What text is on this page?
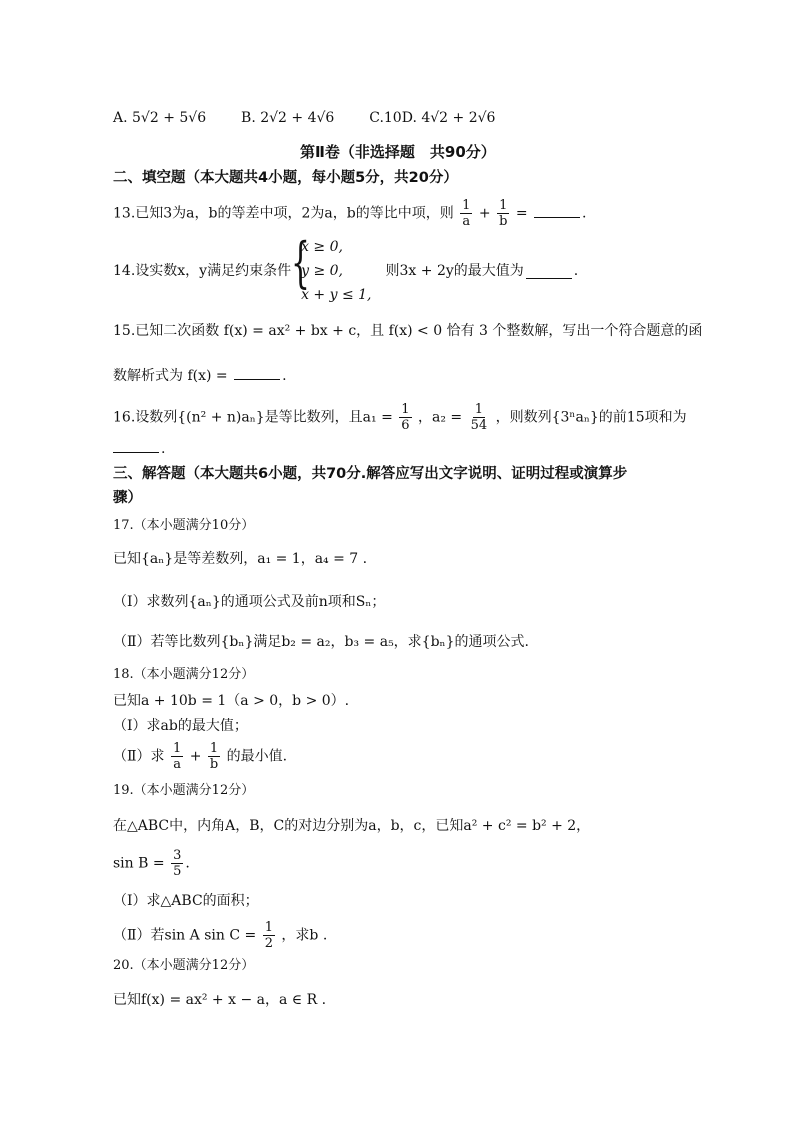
A. 5√2 + 5√6 B. 2√2 + 4√6 C.10D. 4√2 + 2√6
第Ⅱ卷（非选择题　共90分）
二、填空题（本大题共4小题，每小题5分，共20分）
13.已知3为a，b的等差中项，2为a，b的等比中项，则 $\frac{1}{a} + \frac{1}{b}$ =	.
14.设实数x，y满足约束条件 {
x ≥ 0,
y ≥ 0,
x + y ≤ 1,
则3x + 2y的最大值为	.
15.已知二次函数 f(x) = ax² + bx + c，且 f(x) < 0 恰有 3 个整数解，写出一个符合题意的函
数解析式为 f(x) =	.
16.设数列{(n² + n)aₙ}是等比数列，且$a_1 = \frac{1}{6}$ ，$a_2 = \frac{1}{54}$ ，则数列{3ⁿaₙ}的前15项和为
.
三、解答题（本大题共6小题，共70分.解答应写出文字说明、证明过程或演算步
骤）
17.（本小题满分10分）
已知{aₙ}是等差数列，a₁ = 1，a₄ = 7 .
（Ⅰ）求数列{aₙ}的通项公式及前n项和Sₙ；
（Ⅱ）若等比数列{bₙ}满足b₂ = a₂，b₃ = a₅，求{bₙ}的通项公式.
18.（本小题满分12分）
已知a + 10b = 1（a > 0，b > 0）.
（Ⅰ）求ab的最大值；
（Ⅱ）求 $\frac{1}{a} + \frac{1}{b}$ 的最小值.
19.（本小题满分12分）
在△ABC中，内角A，B，C的对边分别为a，b，c，已知a² + c² = b² + 2，
$\sin B = \frac{3}{5}$ .
（Ⅰ）求△ABC的面积；
（Ⅱ）若sin A $\sin C = \frac{1}{2}$ ，求b .
20.（本小题满分12分）
已知f(x) = ax² + x − a，a ∈ R .
